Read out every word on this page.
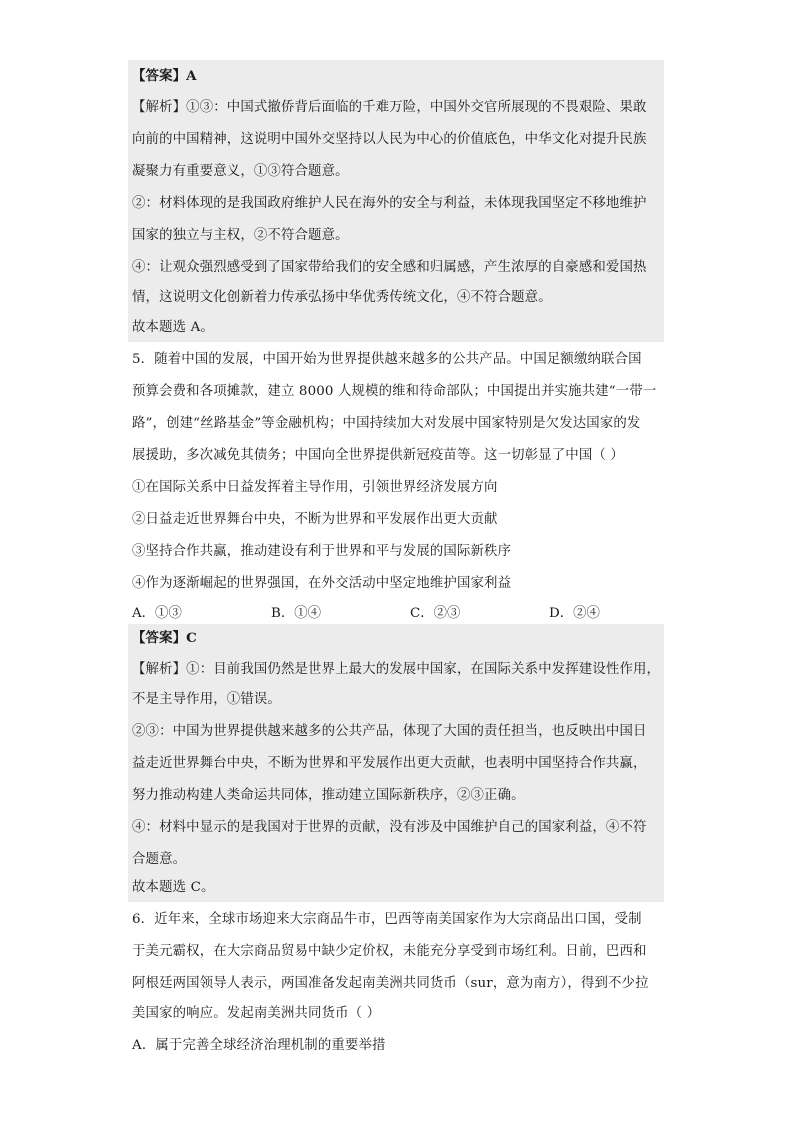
【答案】A
【解析】①③：中国式撤侨背后面临的千难万险，中国外交官所展现的不畏艰险、果敢
向前的中国精神，这说明中国外交坚持以人民为中心的价值底色，中华文化对提升民族
凝聚力有重要意义，①③符合题意。
②：材料体现的是我国政府维护人民在海外的安全与利益，未体现我国坚定不移地维护
国家的独立与主权，②不符合题意。
④：让观众强烈感受到了国家带给我们的安全感和归属感，产生浓厚的自豪感和爱国热
情，这说明文化创新着力传承弘扬中华优秀传统文化，④不符合题意。
故本题选 A。
5．随着中国的发展，中国开始为世界提供越来越多的公共产品。中国足额缴纳联合国
预算会费和各项摊款，建立 8000 人规模的维和待命部队；中国提出并实施共建“一带一
路”，创建“丝路基金”等金融机构；中国持续加大对发展中国家特别是欠发达国家的发
展援助，多次减免其债务；中国向全世界提供新冠疫苗等。这一切彰显了中国（ ）
①在国际关系中日益发挥着主导作用，引领世界经济发展方向
②日益走近世界舞台中央，不断为世界和平发展作出更大贡献
③坚持合作共赢，推动建设有利于世界和平与发展的国际新秩序
④作为逐渐崛起的世界强国，在外交活动中坚定地维护国家利益
A．①③	B．①④	C．②③	D．②④
【答案】C
【解析】①：目前我国仍然是世界上最大的发展中国家，在国际关系中发挥建设性作用，
不是主导作用，①错误。
②③：中国为世界提供越来越多的公共产品，体现了大国的责任担当，也反映出中国日
益走近世界舞台中央，不断为世界和平发展作出更大贡献，也表明中国坚持合作共赢，
努力推动构建人类命运共同体，推动建立国际新秩序，②③正确。
④：材料中显示的是我国对于世界的贡献，没有涉及中国维护自己的国家利益，④不符
合题意。
故本题选 C。
6．近年来，全球市场迎来大宗商品牛市，巴西等南美国家作为大宗商品出口国，受制
于美元霸权，在大宗商品贸易中缺少定价权，未能充分享受到市场红利。日前，巴西和
阿根廷两国领导人表示，两国准备发起南美洲共同货币（sur，意为南方），得到不少拉
美国家的响应。发起南美洲共同货币（ ）
A．属于完善全球经济治理机制的重要举措
